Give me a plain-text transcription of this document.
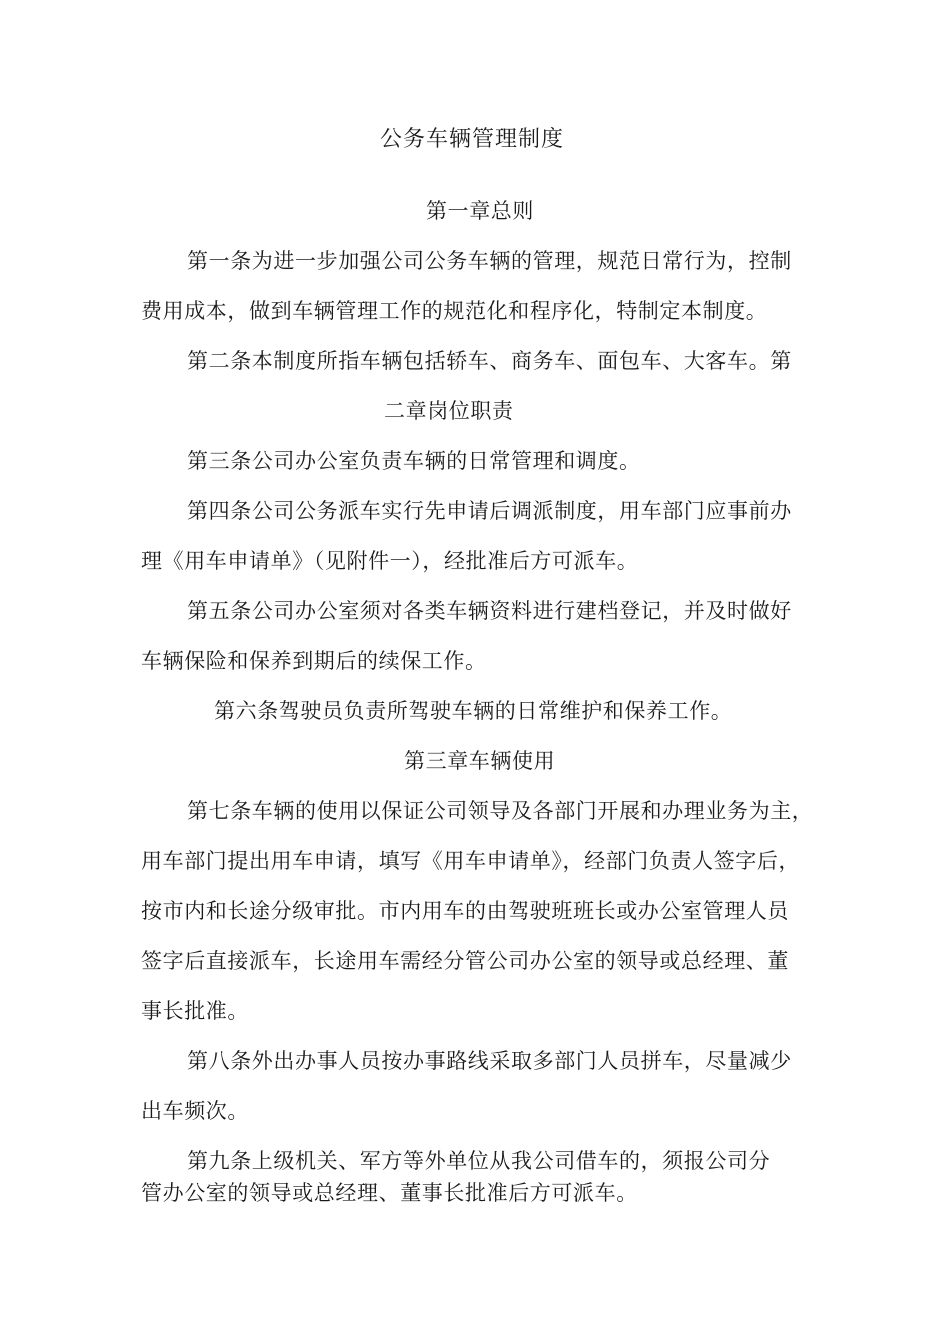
公务车辆管理制度
第一章总则
第一条为进一步加强公司公务车辆的管理，规范日常行为，控制
费用成本，做到车辆管理工作的规范化和程序化，特制定本制度。
第二条本制度所指车辆包括轿车、商务车、面包车、大客车。第
二章岗位职责
第三条公司办公室负责车辆的日常管理和调度。
第四条公司公务派车实行先申请后调派制度，用车部门应事前办
理《用车申请单》（见附件一），经批准后方可派车。
第五条公司办公室须对各类车辆资料进行建档登记，并及时做好
车辆保险和保养到期后的续保工作。
第六条驾驶员负责所驾驶车辆的日常维护和保养工作。
第三章车辆使用
第七条车辆的使用以保证公司领导及各部门开展和办理业务为主，
用车部门提出用车申请，填写《用车申请单》，经部门负责人签字后，
按市内和长途分级审批。市内用车的由驾驶班班长或办公室管理人员
签字后直接派车，长途用车需经分管公司办公室的领导或总经理、董
事长批准。
第八条外出办事人员按办事路线采取多部门人员拼车，尽量减少
出车频次。
第九条上级机关、军方等外单位从我公司借车的，须报公司分
管办公室的领导或总经理、董事长批准后方可派车。
